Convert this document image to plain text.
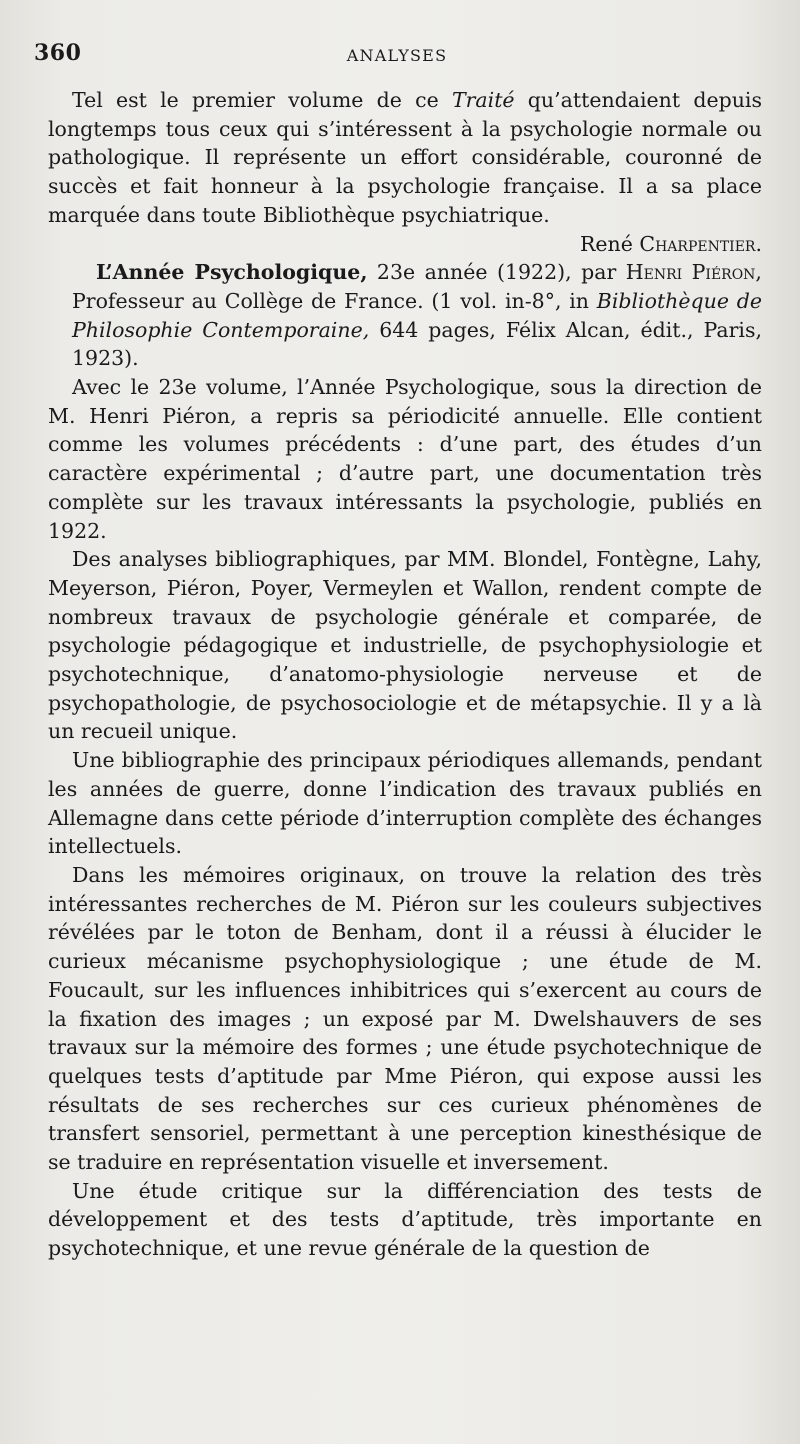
360	ANALYSES

Tel est le premier volume de ce Traité qu’attendaient depuis longtemps tous ceux qui s’intéressent à la psychologie normale ou pathologique. Il représente un effort considérable, couronné de succès et fait honneur à la psychologie française. Il a sa place marquée dans toute Bibliothèque psychiatrique.

René Charpentier.

L’Année Psychologique, 23e année (1922), par Henri Piéron, Professeur au Collège de France. (1 vol. in-8°, in Bibliothèque de Philosophie Contemporaine, 644 pages, Félix Alcan, édit., Paris, 1923).

Avec le 23e volume, l’Année Psychologique, sous la direction de M. Henri Piéron, a repris sa périodicité annuelle. Elle contient comme les volumes précédents : d’une part, des études d’un caractère expérimental ; d’autre part, une documentation très complète sur les travaux intéressants la psychologie, publiés en 1922.

Des analyses bibliographiques, par MM. Blondel, Fontègne, Lahy, Meyerson, Piéron, Poyer, Vermeylen et Wallon, rendent compte de nombreux travaux de psychologie générale et comparée, de psychologie pédagogique et industrielle, de psychophysiologie et psychotechnique, d’anatomo-physiologie nerveuse et de psychopathologie, de psychosociologie et de métapsychie. Il y a là un recueil unique.

Une bibliographie des principaux périodiques allemands, pendant les années de guerre, donne l’indication des travaux publiés en Allemagne dans cette période d’interruption complète des échanges intellectuels.

Dans les mémoires originaux, on trouve la relation des très intéressantes recherches de M. Piéron sur les couleurs subjectives révélées par le toton de Benham, dont il a réussi à élucider le curieux mécanisme psychophysiologique ; une étude de M. Foucault, sur les influences inhibitrices qui s’exercent au cours de la fixation des images ; un exposé par M. Dwelshauvers de ses travaux sur la mémoire des formes ; une étude psychotechnique de quelques tests d’aptitude par Mme Piéron, qui expose aussi les résultats de ses recherches sur ces curieux phénomènes de transfert sensoriel, permettant à une perception kinesthésique de se traduire en représentation visuelle et inversement.

Une étude critique sur la différenciation des tests de développement et des tests d’aptitude, très importante en psychotechnique, et une revue générale de la question de
